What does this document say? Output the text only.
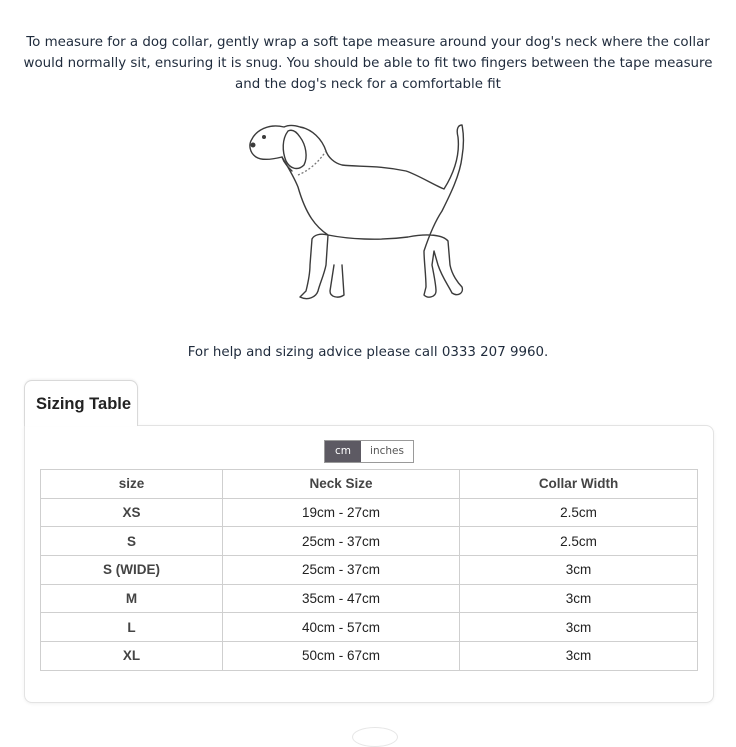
To measure for a dog collar, gently wrap a soft tape measure around your dog's neck where the collar would normally sit, ensuring it is snug. You should be able to fit two fingers between the tape measure and the dog's neck for a comfortable fit
For help and sizing advice please call 0333 207 9960.
Sizing Table
cm	inches
size	Neck Size	Collar Width
XS	19cm - 27cm	2.5cm
S	25cm - 37cm	2.5cm
S (WIDE)	25cm - 37cm	3cm
M	35cm - 47cm	3cm
L	40cm - 57cm	3cm
XL	50cm - 67cm	3cm
